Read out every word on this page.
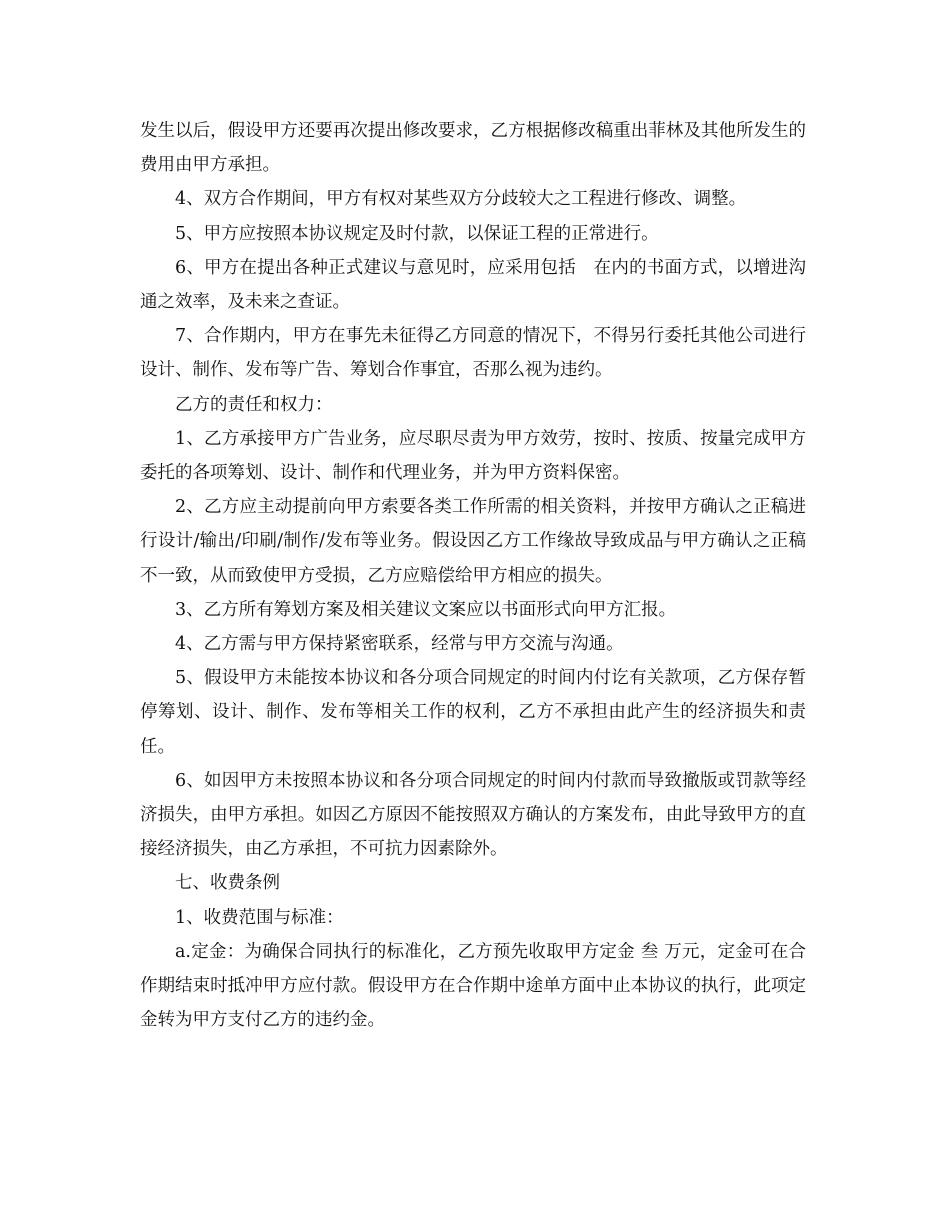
发生以后，假设甲方还要再次提出修改要求，乙方根据修改稿重出菲林及其他所发生的费用由甲方承担。

4、双方合作期间，甲方有权对某些双方分歧较大之工程进行修改、调整。

5、甲方应按照本协议规定及时付款，以保证工程的正常进行。

6、甲方在提出各种正式建议与意见时，应采用包括　在内的书面方式，以增进沟通之效率，及未来之查证。

7、合作期内，甲方在事先未征得乙方同意的情况下，不得另行委托其他公司进行设计、制作、发布等广告、筹划合作事宜，否那么视为违约。

乙方的责任和权力：

1、乙方承接甲方广告业务，应尽职尽责为甲方效劳，按时、按质、按量完成甲方委托的各项筹划、设计、制作和代理业务，并为甲方资料保密。

2、乙方应主动提前向甲方索要各类工作所需的相关资料，并按甲方确认之正稿进行设计/输出/印刷/制作/发布等业务。假设因乙方工作缘故导致成品与甲方确认之正稿不一致，从而致使甲方受损，乙方应赔偿给甲方相应的损失。

3、乙方所有筹划方案及相关建议文案应以书面形式向甲方汇报。

4、乙方需与甲方保持紧密联系，经常与甲方交流与沟通。

5、假设甲方未能按本协议和各分项合同规定的时间内付讫有关款项，乙方保存暂停筹划、设计、制作、发布等相关工作的权利，乙方不承担由此产生的经济损失和责任。

6、如因甲方未按照本协议和各分项合同规定的时间内付款而导致撤版或罚款等经济损失，由甲方承担。如因乙方原因不能按照双方确认的方案发布，由此导致甲方的直接经济损失，由乙方承担，不可抗力因素除外。

七、收费条例

1、收费范围与标准：

a.定金：为确保合同执行的标准化，乙方预先收取甲方定金 叁 万元，定金可在合作期结束时抵冲甲方应付款。假设甲方在合作期中途单方面中止本协议的执行，此项定金转为甲方支付乙方的违约金。
